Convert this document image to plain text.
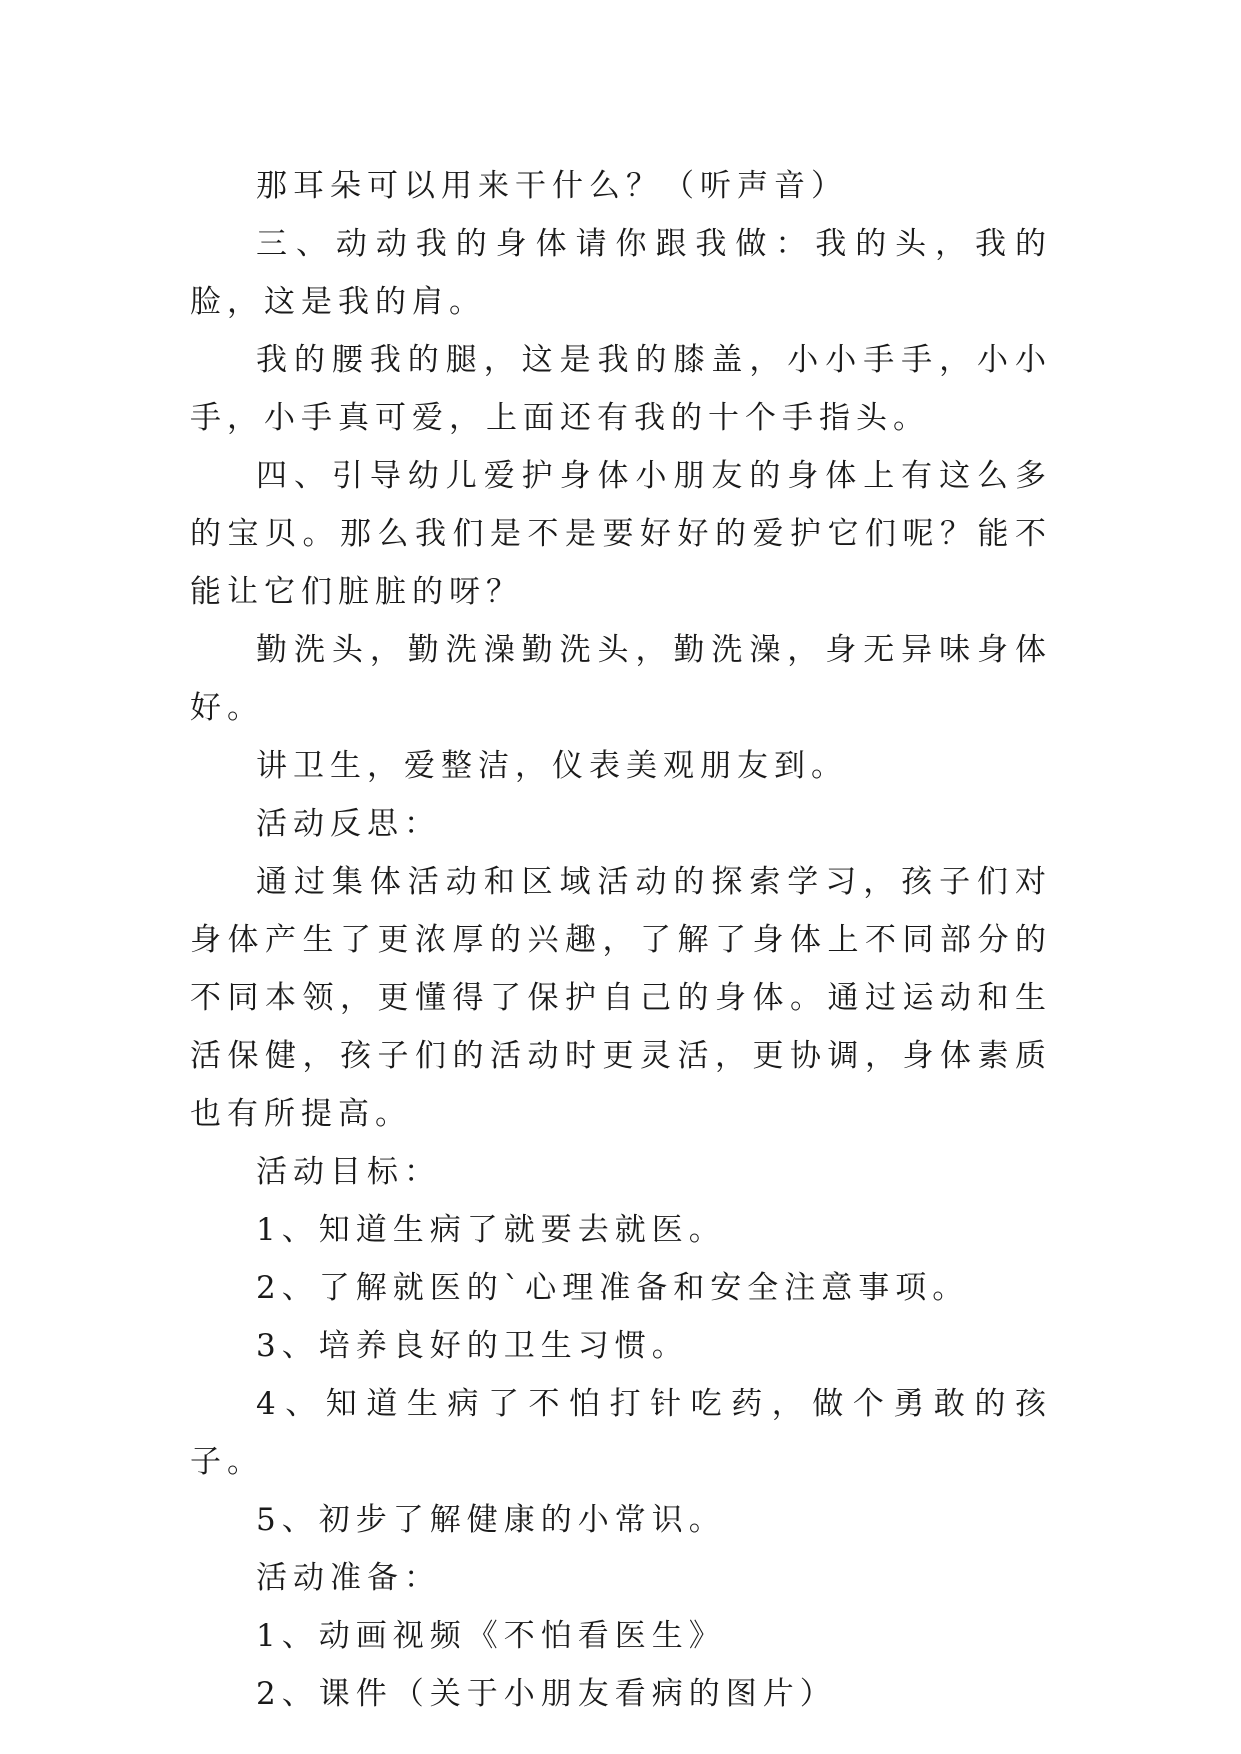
那耳朵可以用来干什么？（听声音）

三、动动我的身体请你跟我做：我的头，我的脸，这是我的肩。

我的腰我的腿，这是我的膝盖，小小手手，小小手，小手真可爱，上面还有我的十个手指头。

四、引导幼儿爱护身体小朋友的身体上有这么多的宝贝。那么我们是不是要好好的爱护它们呢？能不能让它们脏脏的呀？

勤洗头，勤洗澡勤洗头，勤洗澡，身无异味身体好。

讲卫生，爱整洁，仪表美观朋友到。

活动反思：

通过集体活动和区域活动的探索学习，孩子们对身体产生了更浓厚的兴趣，了解了身体上不同部分的不同本领，更懂得了保护自己的身体。通过运动和生活保健，孩子们的活动时更灵活，更协调，身体素质也有所提高。

活动目标：

1、知道生病了就要去就医。

2、了解就医的`心理准备和安全注意事项。

3、培养良好的卫生习惯。

4、知道生病了不怕打针吃药，做个勇敢的孩子。

5、初步了解健康的小常识。

活动准备：

1、动画视频《不怕看医生》

2、课件（关于小朋友看病的图片）
